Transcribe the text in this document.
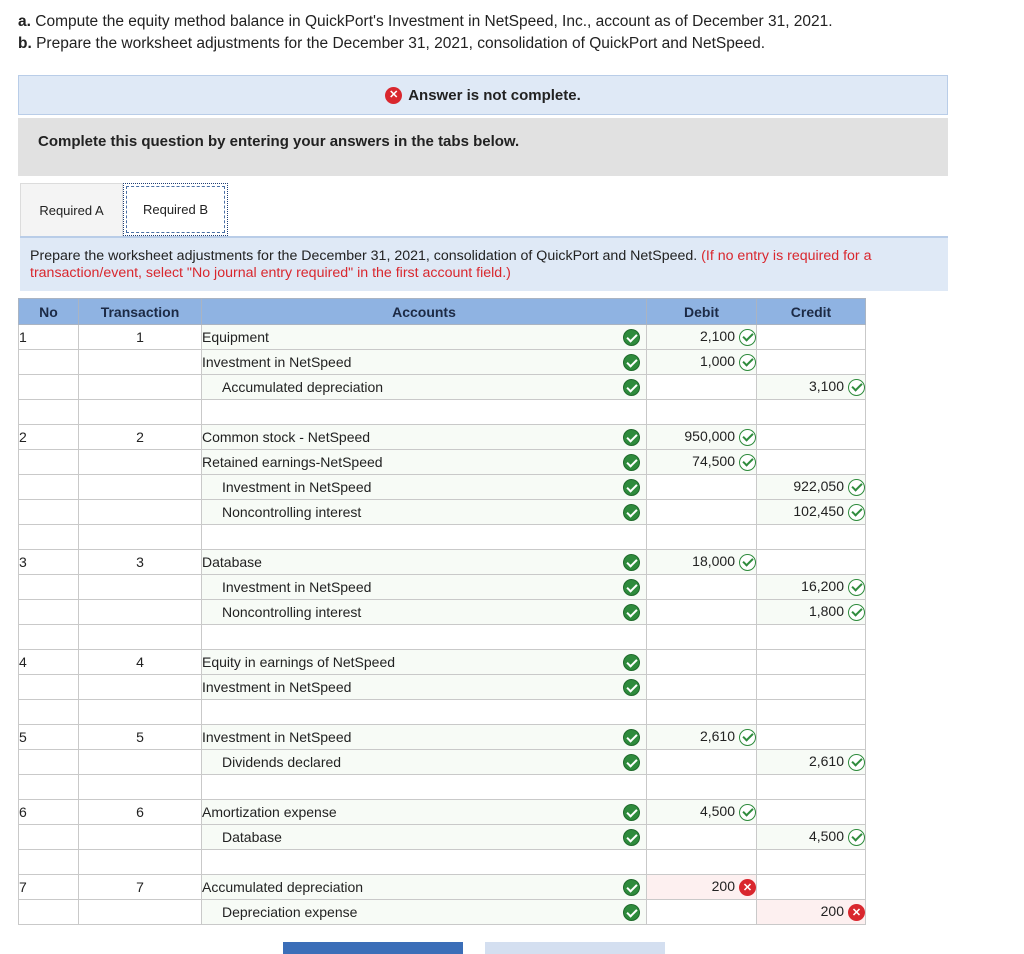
a. Compute the equity method balance in QuickPort's Investment in NetSpeed, Inc., account as of December 31, 2021.
b. Prepare the worksheet adjustments for the December 31, 2021, consolidation of QuickPort and NetSpeed.
✕ Answer is not complete.
Complete this question by entering your answers in the tabs below.
Required A	Required B
Prepare the worksheet adjustments for the December 31, 2021, consolidation of QuickPort and NetSpeed. (If no entry is required for a transaction/event, select "No journal entry required" in the first account field.)
No	Transaction	Accounts	Debit	Credit
1	1	Equipment	2,100	
		Investment in NetSpeed	1,000	
		Accumulated depreciation		3,100

2	2	Common stock - NetSpeed	950,000	
		Retained earnings-NetSpeed	74,500	
		Investment in NetSpeed		922,050
		Noncontrolling interest		102,450

3	3	Database	18,000	
		Investment in NetSpeed		16,200
		Noncontrolling interest		1,800

4	4	Equity in earnings of NetSpeed

		Investment in NetSpeed

5	5	Investment in NetSpeed	2,610	
		Dividends declared		2,610

6	6	Amortization expense	4,500	
		Database		4,500

7	7	Accumulated depreciation	200 ✕	
		Depreciation expense		200 ✕
